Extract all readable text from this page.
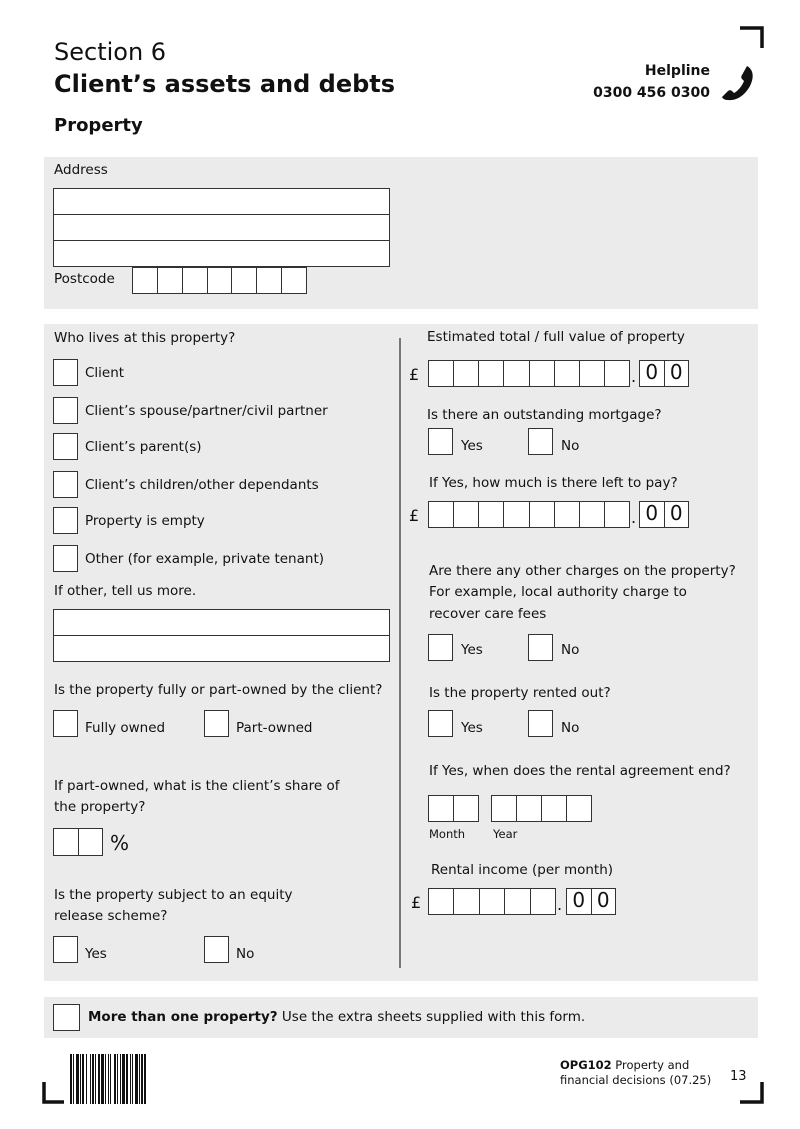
Section 6
Client’s assets and debts
Property
Helpline
0300 456 0300
Address
Postcode
Who lives at this property?
Client
Client’s spouse/partner/civil partner
Client’s parent(s)
Client’s children/other dependants
Property is empty
Other (for example, private tenant)
If other, tell us more.
Is the property fully or part-owned by the client?
Fully owned	Part-owned
If part-owned, what is the client’s share of
the property?
%
Is the property subject to an equity
release scheme?
Yes	No
Estimated total / full value of property
£	. 0 0
Is there an outstanding mortgage?
Yes	No
If Yes, how much is there left to pay?
£	. 0 0
Are there any other charges on the property?
For example, local authority charge to
recover care fees
Yes	No
Is the property rented out?
Yes	No
If Yes, when does the rental agreement end?
Month Year
Rental income (per month)
£	. 0 0
More than one property? Use the extra sheets supplied with this form.
OPG102 Property and
financial decisions (07.25) 13
